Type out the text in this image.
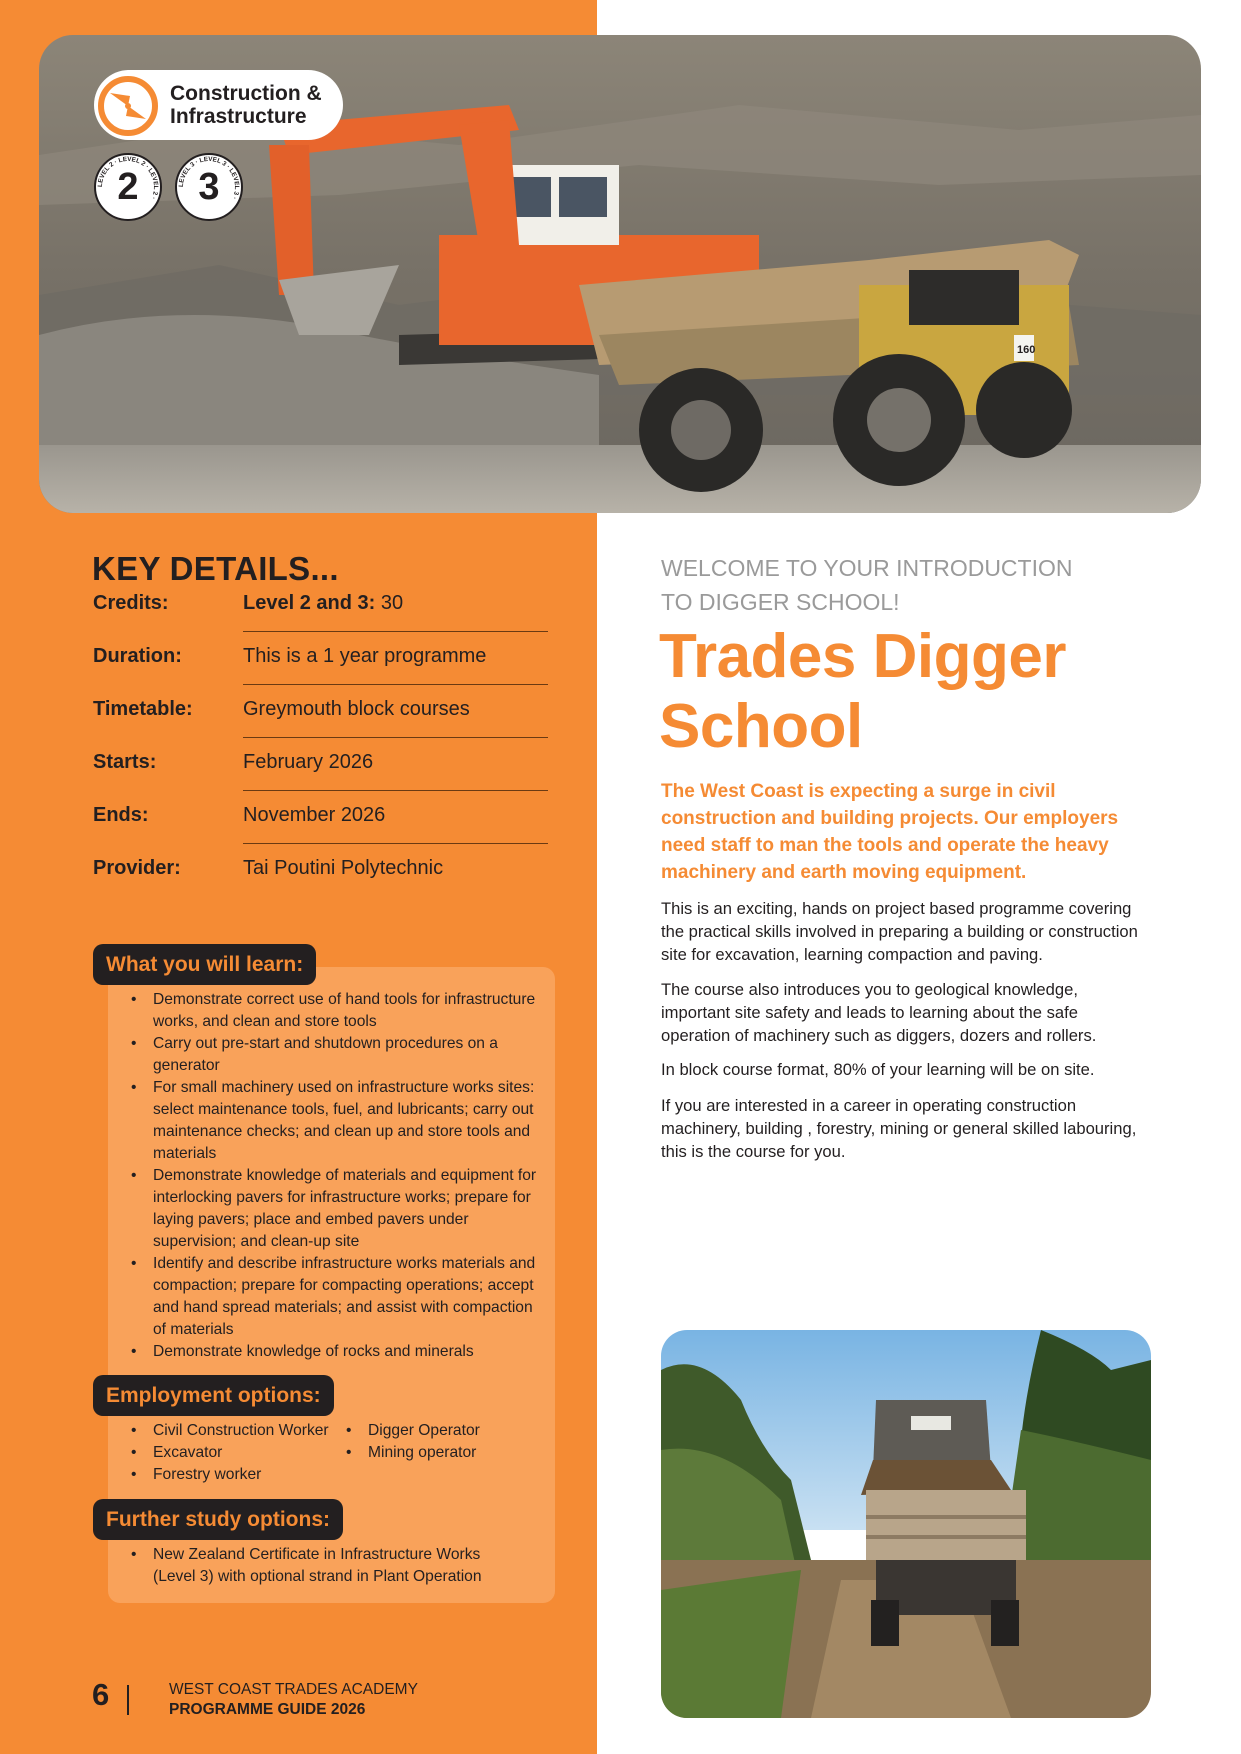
160
Construction &
Infrastructure
LEVEL 2 · LEVEL 2 · LEVEL 2 ·
2	LEVEL 3 · LEVEL 3 · LEVEL 3 ·
3
KEY DETAILS...
Credits:	Level 2 and 3: 30
Duration:	This is a 1 year programme
Timetable:	Greymouth block courses
Starts:	February 2026
Ends:	November 2026
Provider:	Tai Poutini Polytechnic
What you will learn:
• Demonstrate correct use of hand tools for infrastructure works, and clean and store tools
• Carry out pre-start and shutdown procedures on a generator
• For small machinery used on infrastructure works sites: select maintenance tools, fuel, and lubricants; carry out maintenance checks; and clean up and store tools and materials
• Demonstrate knowledge of materials and equipment for interlocking pavers for infrastructure works; prepare for laying pavers; place and embed pavers under supervision; and clean-up site
• Identify and describe infrastructure works materials and compaction; prepare for compacting operations; accept and hand spread materials; and assist with compaction of materials
• Demonstrate knowledge of rocks and minerals
Employment options:
• Civil Construction Worker
• Excavator
• Forestry worker
• Digger Operator
• Mining operator
Further study options:
• New Zealand Certificate in Infrastructure Works (Level 3) with optional strand in Plant Operation
6	WEST COAST TRADES ACADEMY
PROGRAMME GUIDE 2026
WELCOME TO YOUR INTRODUCTION
TO DIGGER SCHOOL!
Trades Digger
School
The West Coast is expecting a surge in civil construction and building projects. Our employers need staff to man the tools and operate the heavy machinery and earth moving equipment.
This is an exciting, hands on project based programme covering the practical skills involved in preparing a building or construction site for excavation, learning compaction and paving.
The course also introduces you to geological knowledge, important site safety and leads to learning about the safe operation of machinery such as diggers, dozers and rollers.
In block course format, 80% of your learning will be on site.
If you are interested in a career in operating construction machinery, building , forestry, mining or general skilled labouring, this is the course for you.
